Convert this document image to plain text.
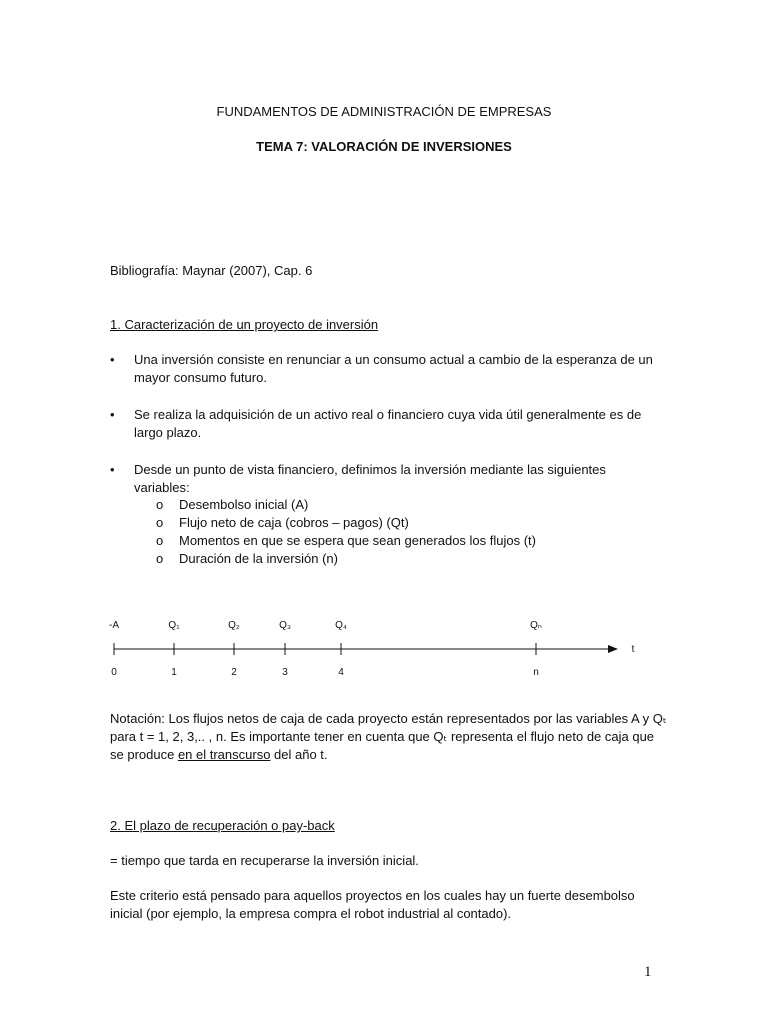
FUNDAMENTOS DE ADMINISTRACIÓN DE EMPRESAS
TEMA 7: VALORACIÓN DE INVERSIONES
Bibliografía: Maynar (2007), Cap. 6
1. Caracterización de un proyecto de inversión
•	Una inversión consiste en renunciar a un consumo actual a cambio de la esperanza de un mayor consumo futuro.
•	Se realiza la adquisición de un activo real o financiero cuya vida útil generalmente es de largo plazo.
•	Desde un punto de vista financiero, definimos la inversión mediante las siguientes variables:
o Desembolso inicial (A)
o Flujo neto de caja (cobros – pagos) (Qt)
o Momentos en que se espera que sean generados los flujos (t)
o Duración de la inversión (n)
-A	Q₁	Q₂	Q₃	Q₄	Qₙ
0	1	2	3	4	n
t
Notación: Los flujos netos de caja de cada proyecto están representados por las variables A y Qₜ para t = 1, 2, 3,.. , n. Es importante tener en cuenta que Qₜ representa el flujo neto de caja que se produce en el transcurso del año t.
2. El plazo de recuperación o pay-back
= tiempo que tarda en recuperarse la inversión inicial.
Este criterio está pensado para aquellos proyectos en los cuales hay un fuerte desembolso inicial (por ejemplo, la empresa compra el robot industrial al contado).
1
